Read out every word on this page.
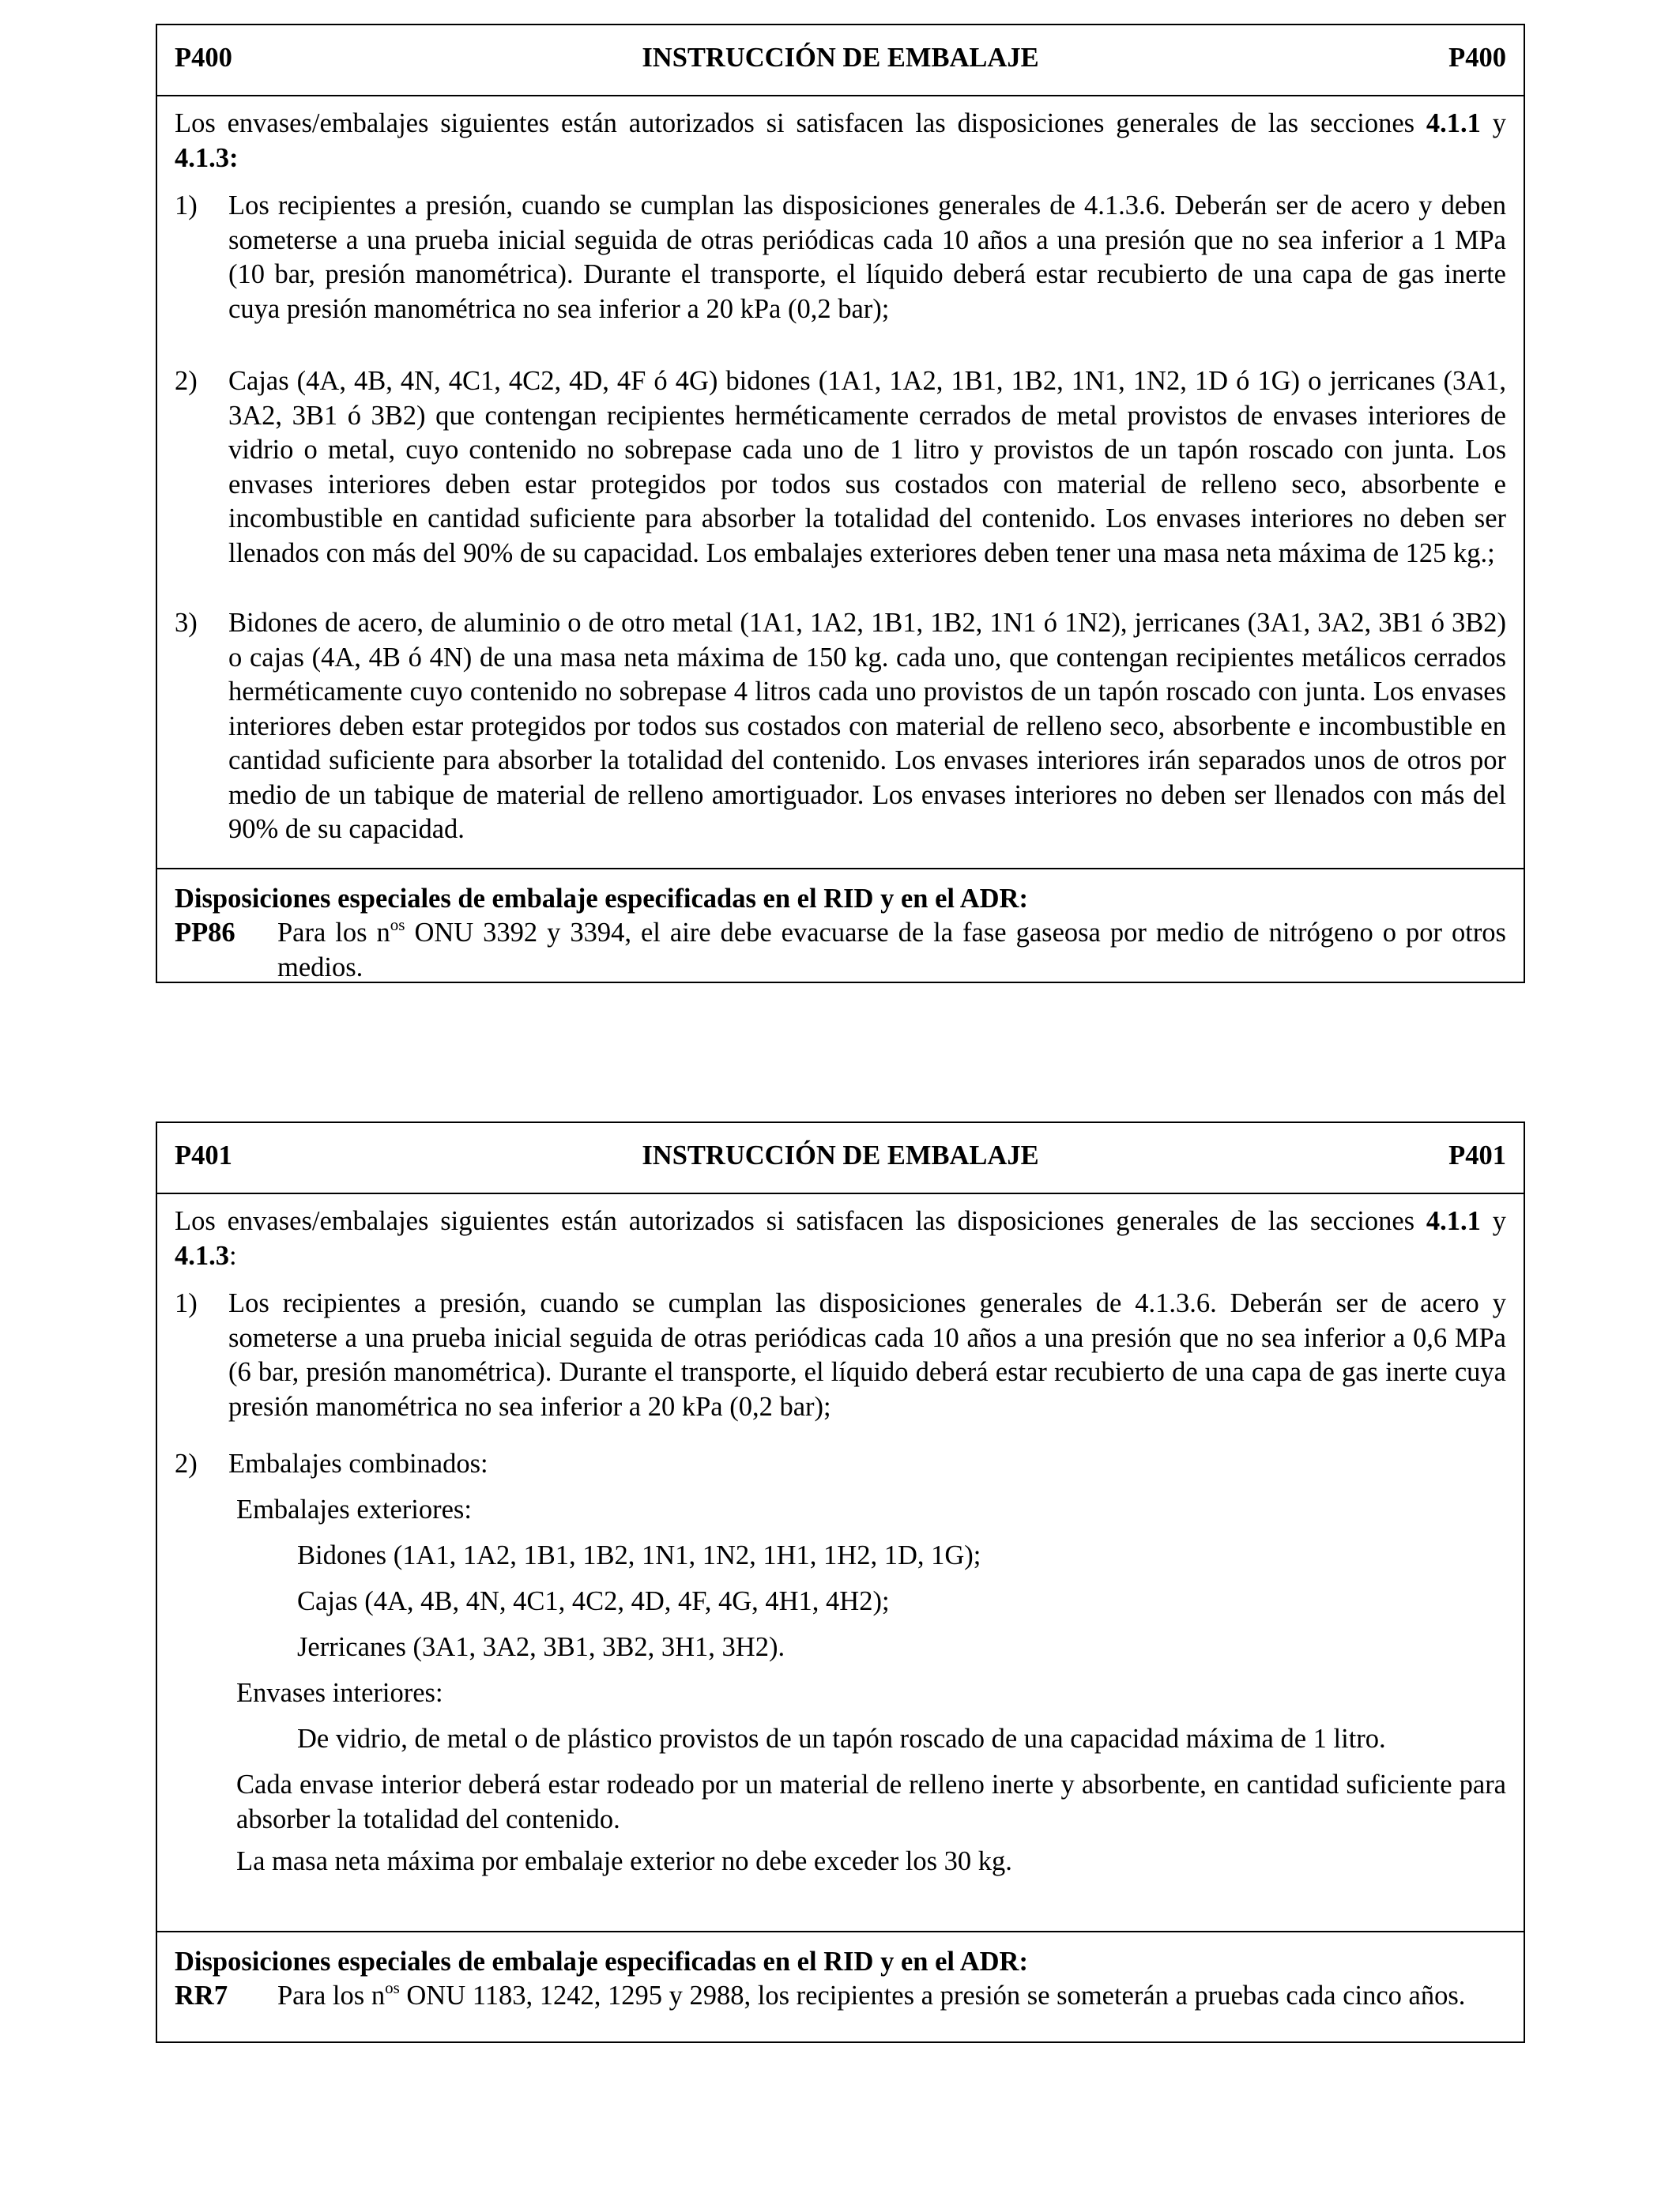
P400	INSTRUCCIÓN DE EMBALAJE	P400
Los envases/embalajes siguientes están autorizados si satisfacen las disposiciones generales de las secciones 4.1.1 y 4.1.3:
1) Los recipientes a presión, cuando se cumplan las disposiciones generales de 4.1.3.6. Deberán ser de acero y deben someterse a una prueba inicial seguida de otras periódicas cada 10 años a una presión que no sea inferior a 1 MPa (10 bar, presión manométrica). Durante el transporte, el líquido deberá estar recubierto de una capa de gas inerte cuya presión manométrica no sea inferior a 20 kPa (0,2 bar);
2) Cajas (4A, 4B, 4N, 4C1, 4C2, 4D, 4F ó 4G) bidones (1A1, 1A2, 1B1, 1B2, 1N1, 1N2, 1D ó 1G) o jerricanes (3A1, 3A2, 3B1 ó 3B2) que contengan recipientes herméticamente cerrados de metal provistos de envases interiores de vidrio o metal, cuyo contenido no sobrepase cada uno de 1 litro y provistos de un tapón roscado con junta. Los envases interiores deben estar protegidos por todos sus costados con material de relleno seco, absorbente e incombustible en cantidad suficiente para absorber la totalidad del contenido. Los envases interiores no deben ser llenados con más del 90% de su capacidad. Los embalajes exteriores deben tener una masa neta máxima de 125 kg.;
3) Bidones de acero, de aluminio o de otro metal (1A1, 1A2, 1B1, 1B2, 1N1 ó 1N2), jerricanes (3A1, 3A2, 3B1 ó 3B2) o cajas (4A, 4B ó 4N) de una masa neta máxima de 150 kg. cada uno, que contengan recipientes metálicos cerrados herméticamente cuyo contenido no sobrepase 4 litros cada uno provistos de un tapón roscado con junta. Los envases interiores deben estar protegidos por todos sus costados con material de relleno seco, absorbente e incombustible en cantidad suficiente para absorber la totalidad del contenido. Los envases interiores irán separados unos de otros por medio de un tabique de material de relleno amortiguador. Los envases interiores no deben ser llenados con más del 90% de su capacidad.
Disposiciones especiales de embalaje especificadas en el RID y en el ADR:
PP86 Para los $n^{os}$ ONU 3392 y 3394, el aire debe evacuarse de la fase gaseosa por medio de nitrógeno o por otros medios.
P401	INSTRUCCIÓN DE EMBALAJE	P401
Los envases/embalajes siguientes están autorizados si satisfacen las disposiciones generales de las secciones 4.1.1 y 4.1.3:
1) Los recipientes a presión, cuando se cumplan las disposiciones generales de 4.1.3.6. Deberán ser de acero y someterse a una prueba inicial seguida de otras periódicas cada 10 años a una presión que no sea inferior a 0,6 MPa (6 bar, presión manométrica). Durante el transporte, el líquido deberá estar recubierto de una capa de gas inerte cuya presión manométrica no sea inferior a 20 kPa (0,2 bar);
2) Embalajes combinados:
Embalajes exteriores:
Bidones (1A1, 1A2, 1B1, 1B2, 1N1, 1N2, 1H1, 1H2, 1D, 1G);
Cajas (4A, 4B, 4N, 4C1, 4C2, 4D, 4F, 4G, 4H1, 4H2);
Jerricanes (3A1, 3A2, 3B1, 3B2, 3H1, 3H2).
Envases interiores:
De vidrio, de metal o de plástico provistos de un tapón roscado de una capacidad máxima de 1 litro.
Cada envase interior deberá estar rodeado por un material de relleno inerte y absorbente, en cantidad suficiente para absorber la totalidad del contenido.
La masa neta máxima por embalaje exterior no debe exceder los 30 kg.
Disposiciones especiales de embalaje especificadas en el RID y en el ADR:
RR7 Para los $n^{os}$ ONU 1183, 1242, 1295 y 2988, los recipientes a presión se someterán a pruebas cada cinco años.
